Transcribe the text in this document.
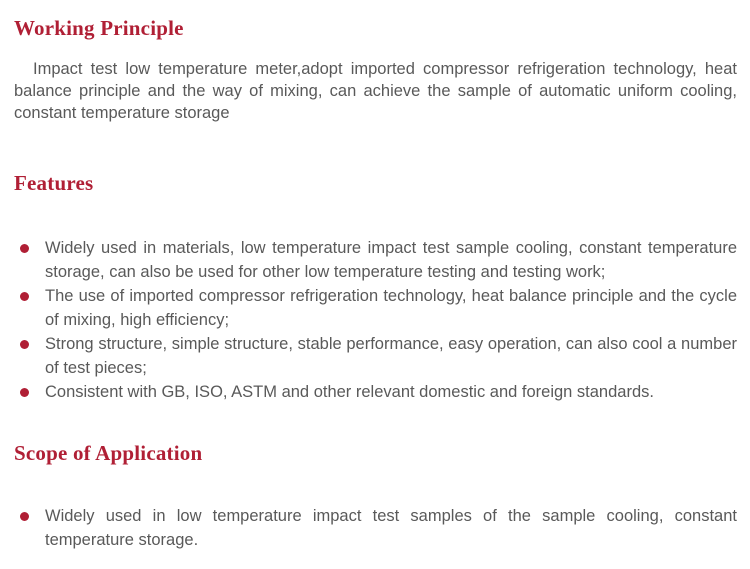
Working Principle

Impact test low temperature meter,adopt imported compressor refrigeration technology, heat balance principle and the way of mixing, can achieve the sample of automatic uniform cooling, constant temperature storage

Features
Widely used in materials, low temperature impact test sample cooling, constant temperature storage, can also be used for other low temperature testing and testing work;
The use of imported compressor refrigeration technology, heat balance principle and the cycle of mixing, high efficiency;
Strong structure, simple structure, stable performance, easy operation, can also cool a number of test pieces;
Consistent with GB, ISO, ASTM and other relevant domestic and foreign standards.
Scope of Application
Widely used in low temperature impact test samples of the sample cooling, constant temperature storage.
